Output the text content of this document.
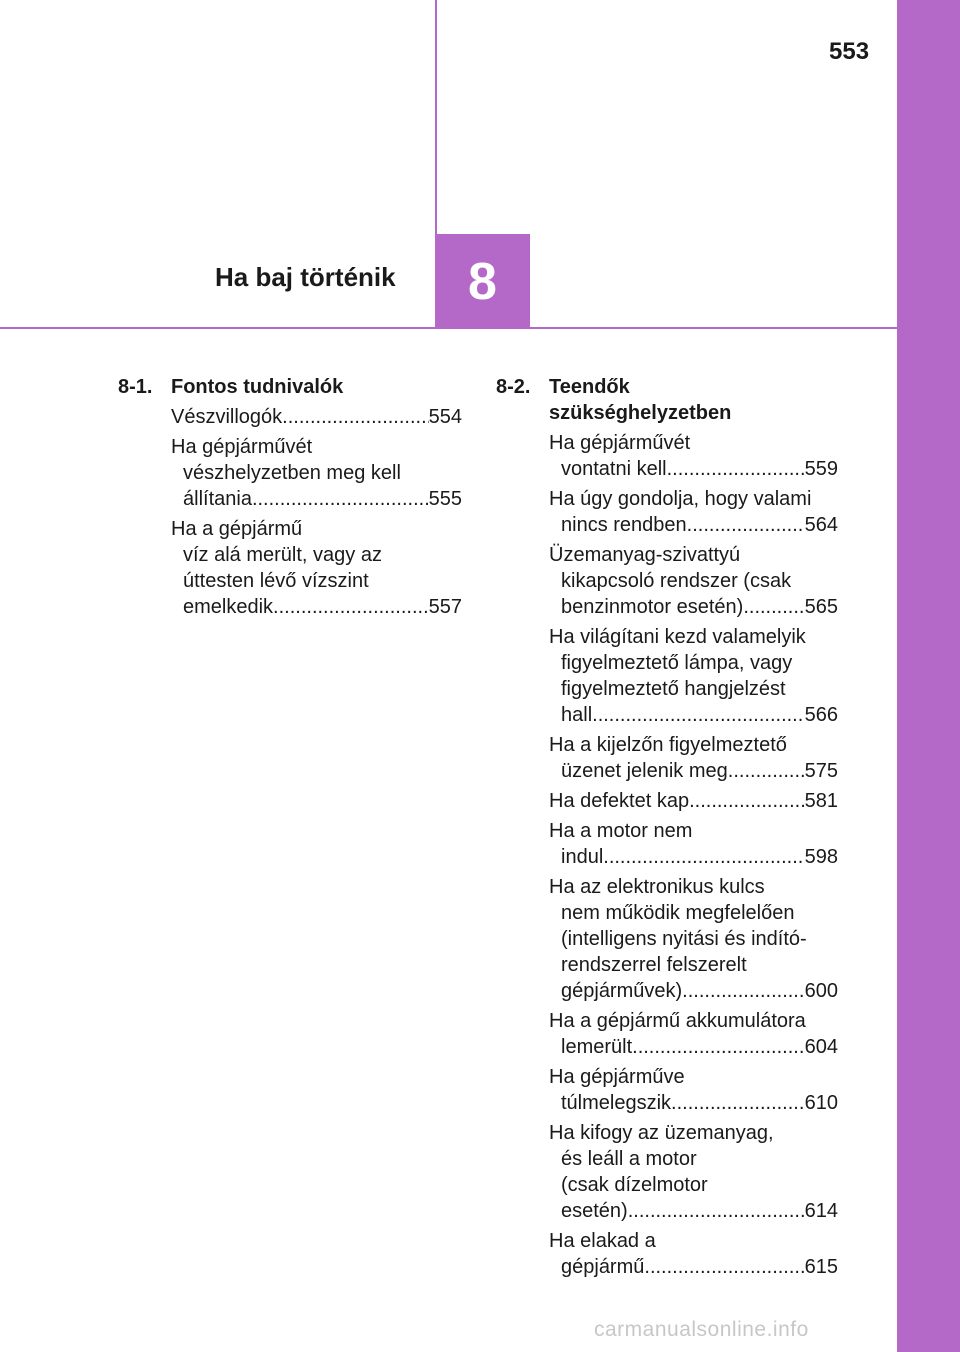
553
Ha baj történik 8
8-1. Fontos tudnivalók
Vészvillogók .....	554
Ha gépjárművét
vészhelyzetben meg kell
állítania .....	555
Ha a gépjármű
víz alá merült, vagy az
úttesten lévő vízszint
emelkedik .....	557
8-2. Teendők
szükséghelyzetben
Ha gépjárművét
vontatni kell .....	559
Ha úgy gondolja, hogy valami
nincs rendben .....	564
Üzemanyag-szivattyú
kikapcsoló rendszer (csak
benzinmotor esetén) .....	565
Ha világítani kezd valamelyik
figyelmeztető lámpa, vagy
figyelmeztető hangjelzést
hall .....	566
Ha a kijelzőn figyelmeztető
üzenet jelenik meg .....	575
Ha defektet kap .....	581
Ha a motor nem
indul .....	598
Ha az elektronikus kulcs
nem működik megfelelően
(intelligens nyitási és indító-
rendszerrel felszerelt
gépjárművek) .....	600
Ha a gépjármű akkumulátora
lemerült .....	604
Ha gépjárműve
túlmelegszik .....	610
Ha kifogy az üzemanyag,
és leáll a motor
(csak dízelmotor
esetén) .....	614
Ha elakad a
gépjármű .....	615
carmanualsonline.info
